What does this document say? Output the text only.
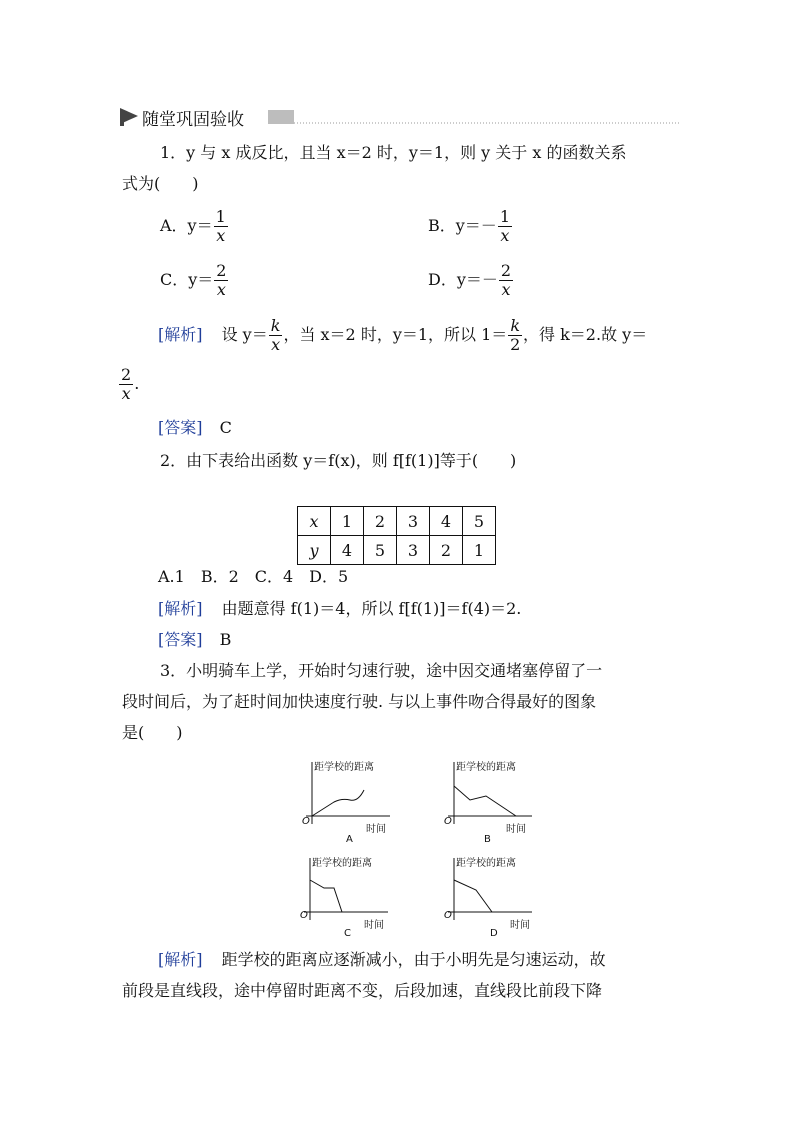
随堂巩固验收
1．y 与 x 成反比，且当 x＝2 时，y＝1，则 y 关于 x 的函数关系
式为(　　)
A．$y= \frac{1}{x}$	B．$y=- \frac{1}{x}$
C．$y= \frac{2}{x}$	D．$y=- \frac{2}{x}$
[解析] 设 $y= \frac{k}{x}$ ，当 x＝2 时，y＝1，所以 $1= \frac{k}{2}$ ，得 k＝2.故 y＝
$\frac{2}{x}$ .
[答案] C
2．由下表给出函数 y＝f(x)，则 f[f(1)]等于(　　)
x	1	2	3	4	5
y	4	5	3	2	1
A.1　B．2　C．4　D．5
[解析] 由题意得 f(1)＝4，所以 f[f(1)]＝f(4)＝2.
[答案] B
3．小明骑车上学，开始时匀速行驶，途中因交通堵塞停留了一
段时间后，为了赶时间加快速度行驶. 与以上事件吻合得最好的图象
是(　　)
距学校的距离
O
时间
A
距学校的距离
O
时间
B
距学校的距离
O
时间
C
距学校的距离
O
时间
D
[解析] 距学校的距离应逐渐减小，由于小明先是匀速运动，故
前段是直线段，途中停留时距离不变，后段加速，直线段比前段下降
